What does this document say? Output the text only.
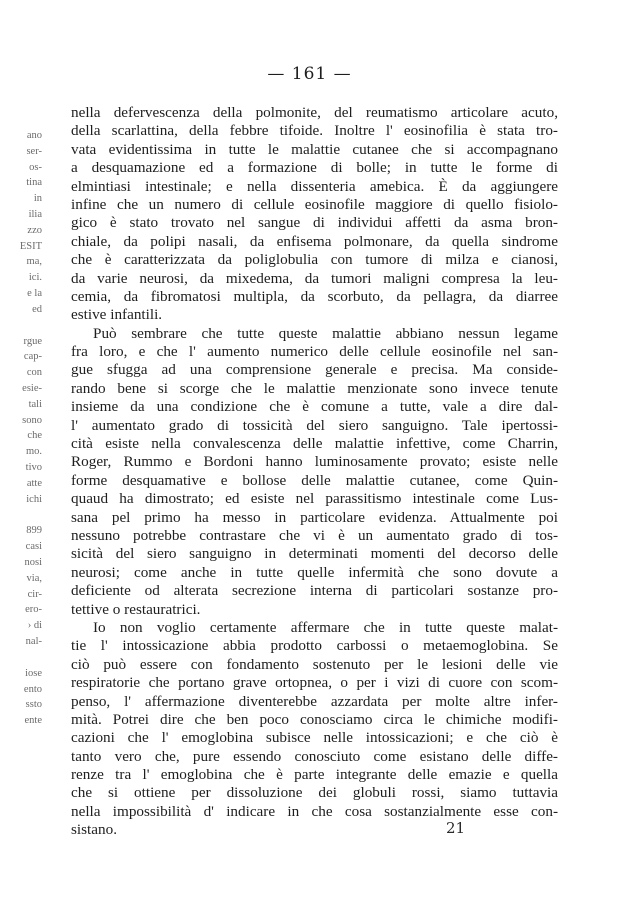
— 161 —
ano
ser-
os-
tina
in
ilia
zzo
ESIT
ma,
ici.
e la
ed
rgue
cap-
con
esie-
tali
sono
che
mo.
tivo
atte
ichi
899
casi
nosi
via,
cir-
ero-
› di
nal-
iose
ento
ssto
ente
nella defervescenza della polmonite, del reumatismo articolare acuto,
della scarlattina, della febbre tifoide. Inoltre l' eosinofilia è stata tro-
vata evidentissima in tutte le malattie cutanee che si accompagnano
a desquamazione ed a formazione di bolle; in tutte le forme di
elmintiasi intestinale; e nella dissenteria amebica. È da aggiungere
infine che un numero di cellule eosinofile maggiore di quello fisiolo-
gico è stato trovato nel sangue di individui affetti da asma bron-
chiale, da polipi nasali, da enfisema polmonare, da quella sindrome
che è caratterizzata da poliglobulia con tumore di milza e cianosi,
da varie neurosi, da mixedema, da tumori maligni compresa la leu-
cemia, da fibromatosi multipla, da scorbuto, da pellagra, da diarree
estive infantili.
Può sembrare che tutte queste malattie abbiano nessun legame
fra loro, e che l' aumento numerico delle cellule eosinofile nel san-
gue sfugga ad una comprensione generale e precisa. Ma conside-
rando bene si scorge che le malattie menzionate sono invece tenute
insieme da una condizione che è comune a tutte, vale a dire dal-
l' aumentato grado di tossicità del siero sanguigno. Tale ipertossi-
cità esiste nella convalescenza delle malattie infettive, come Charrin,
Roger, Rummo e Bordoni hanno luminosamente provato; esiste nelle
forme desquamative e bollose delle malattie cutanee, come Quin-
quaud ha dimostrato; ed esiste nel parassitismo intestinale come Lus-
sana pel primo ha messo in particolare evidenza. Attualmente poi
nessuno potrebbe contrastare che vi è un aumentato grado di tos-
sicità del siero sanguigno in determinati momenti del decorso delle
neurosi; come anche in tutte quelle infermità che sono dovute a
deficiente od alterata secrezione interna di particolari sostanze pro-
tettive o restauratrici.
Io non voglio certamente affermare che in tutte queste malat-
tie l' intossicazione abbia prodotto carbossi o metaemoglobina. Se
ciò può essere con fondamento sostenuto per le lesioni delle vie
respiratorie che portano grave ortopnea, o per i vizi di cuore con scom-
penso, l' affermazione diventerebbe azzardata per molte altre infer-
mità. Potrei dire che ben poco conosciamo circa le chimiche modifi-
cazioni che l' emoglobina subisce nelle intossicazioni; e che ciò è
tanto vero che, pure essendo conosciuto come esistano delle diffe-
renze tra l' emoglobina che è parte integrante delle emazie e quella
che si ottiene per dissoluzione dei globuli rossi, siamo tuttavia
nella impossibilità d' indicare in che cosa sostanzialmente esse con-
sistano.	21
